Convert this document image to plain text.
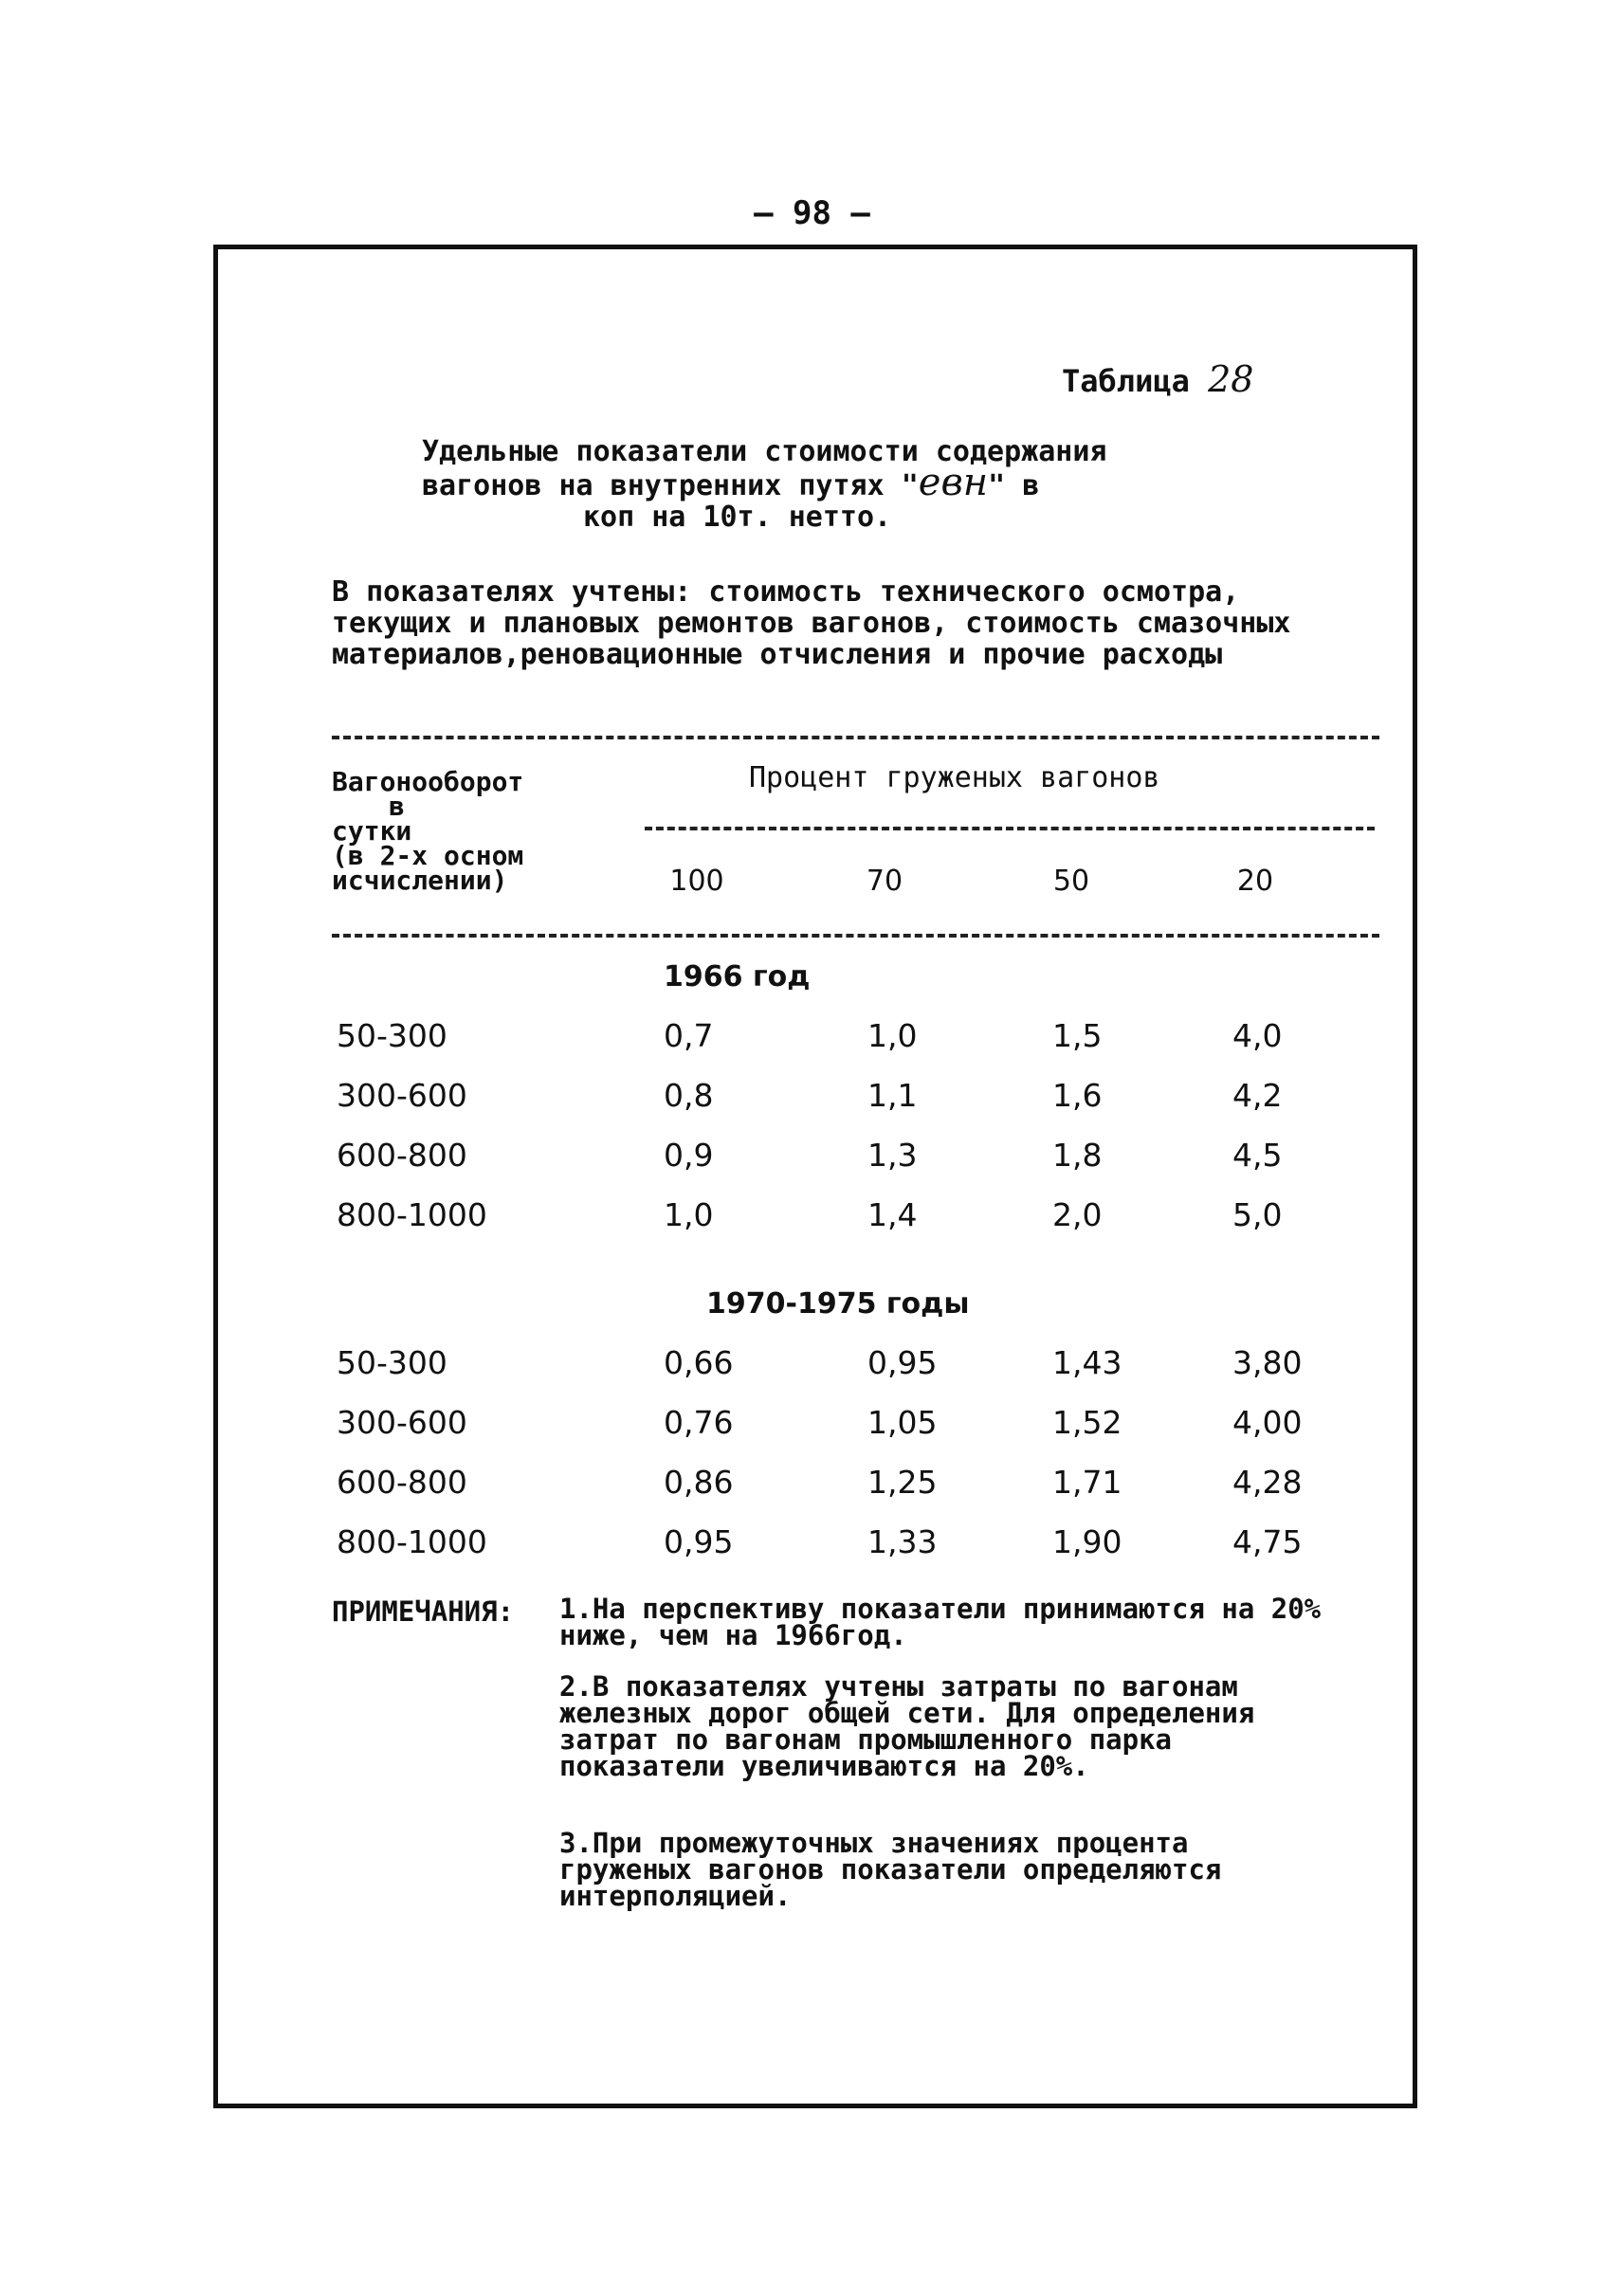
– 98 –
Таблица 28
Удельные показатели стоимости содержания
вагонов на внутренних путях "eвн" в
коп на 10т. нетто.
В показателях учтены: стоимость технического осмотра, текущих и плановых ремонтов вагонов, стоимость смазочных материалов,реновационные отчисления и прочие расходы
Вагонооборот
в
сутки
(в 2-х осном
исчислении)
Процент груженых вагонов
100	70	50	20
1966 год
50-300	0,7	1,0	1,5	4,0
300-600	0,8	1,1	1,6	4,2
600-800	0,9	1,3	1,8	4,5
800-1000	1,0	1,4	2,0	5,0
1970-1975 годы
50-300	0,66	0,95	1,43	3,80
300-600	0,76	1,05	1,52	4,00
600-800	0,86	1,25	1,71	4,28
800-1000	0,95	1,33	1,90	4,75
ПРИМЕЧАНИЯ: 1.На перспективу показатели принимаются на 20% ниже, чем на 1966год.
2.В показателях учтены затраты по вагонам железных дорог общей сети. Для определения затрат по вагонам промышленного парка показатели увеличиваются на 20%.
3.При промежуточных значениях процента груженых вагонов показатели определяются интерполяцией.
